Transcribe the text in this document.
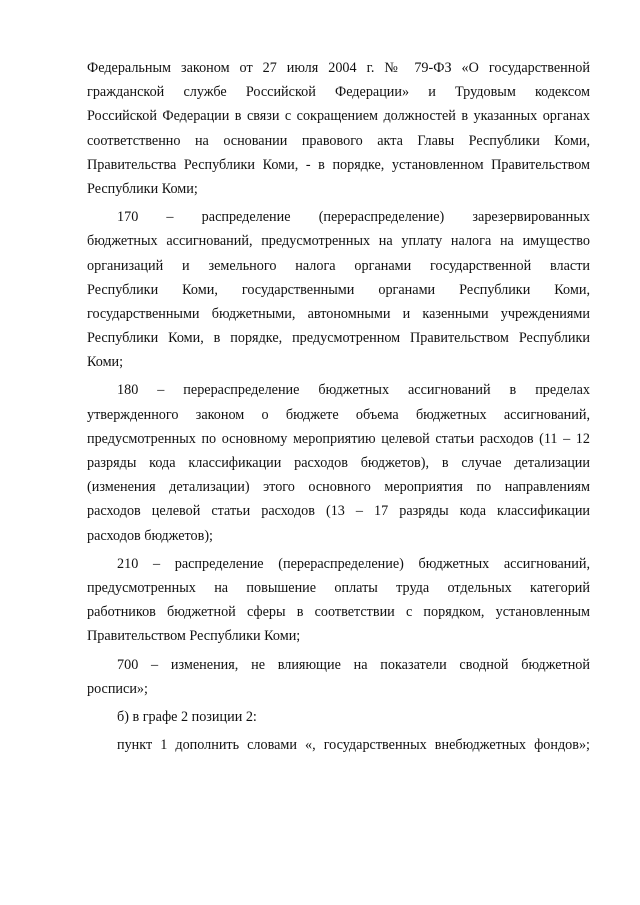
Федеральным законом от 27 июля 2004 г. № 79-ФЗ «О государственной
гражданской службе Российской Федерации» и Трудовым кодексом
Российской Федерации в связи с сокращением должностей в указанных органах
соответственно на основании правового акта Главы Республики Коми,
Правительства Республики Коми, - в порядке, установленном Правительством
Республики Коми;
170 – распределение (перераспределение) зарезервированных
бюджетных ассигнований, предусмотренных на уплату налога на имущество
организаций и земельного налога органами государственной власти
Республики Коми, государственными органами Республики Коми,
государственными бюджетными, автономными и казенными учреждениями
Республики Коми, в порядке, предусмотренном Правительством Республики
Коми;
180 – перераспределение бюджетных ассигнований в пределах
утвержденного законом о бюджете объема бюджетных ассигнований,
предусмотренных по основному мероприятию целевой статьи расходов (11 – 12
разряды кода классификации расходов бюджетов), в случае детализации
(изменения детализации) этого основного мероприятия по направлениям
расходов целевой статьи расходов (13 – 17 разряды кода классификации
расходов бюджетов);
210 – распределение (перераспределение) бюджетных ассигнований,
предусмотренных на повышение оплаты труда отдельных категорий
работников бюджетной сферы в соответствии с порядком, установленным
Правительством Республики Коми;
700 – изменения, не влияющие на показатели сводной бюджетной
росписи»;
б) в графе 2 позиции 2:
пункт 1 дополнить словами «, государственных внебюджетных фондов»;
